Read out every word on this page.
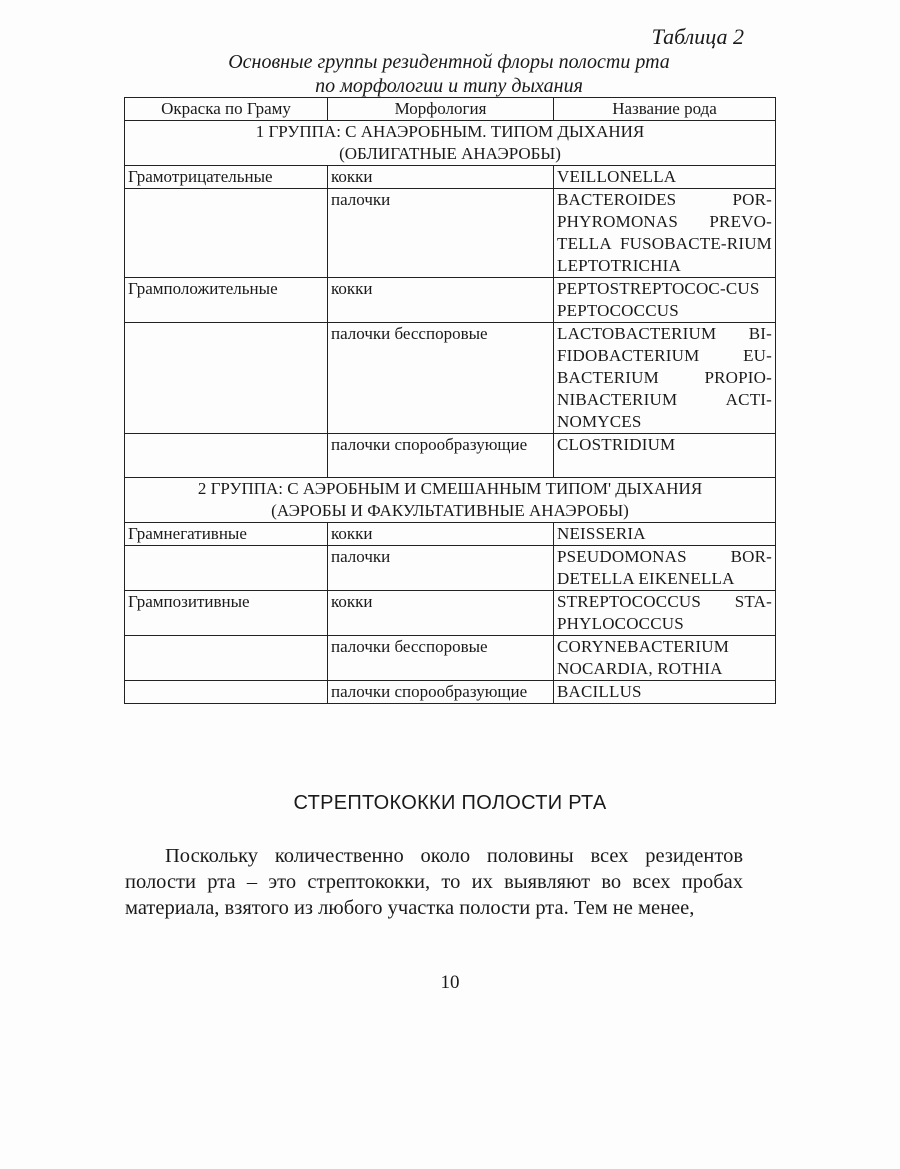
Таблица 2
Основные группы резидентной флоры полости рта
по морфологии и типу дыхания
Окраска по Граму	Морфология	Название рода

1 ГРУППА: С АНАЭРОБНЫМ. ТИПОМ ДЫХАНИЯ
(ОБЛИГАТНЫЕ АНАЭРОБЫ)		

Грамотрицательные	кокки	VEILLONELLA
	палочки	BACTEROIDES POR-PHYROMONAS PREVO-TELLA FUSOBACTE-RIUM LEPTOTRICHIA
Грамположительные	кокки	PEPTOSTREPTOCOC-CUS PEPTOCOCCUS
	палочки бесспоровые	LACTOBACTERIUM BI-FIDOBACTERIUM EU-BACTERIUM PROPIO-NIBACTERIUM ACTI-NOMYCES
	палочки спорообразующие	CLOSTRIDIUM

2 ГРУППА: С АЭРОБНЫМ И СМЕШАННЫМ ТИПОМ' ДЫХАНИЯ
(АЭРОБЫ И ФАКУЛЬТАТИВНЫЕ АНАЭРОБЫ)		

Грамнегативные	кокки	NEISSERIA
	палочки	PSEUDOMONAS BOR-DETELLA EIKENELLA
Грампозитивные	кокки	STREPTOCOCCUS STA-PHYLOCOCCUS
	палочки бесспоровые	CORYNEBACTERIUM NOCARDIA, ROTHIA
	палочки спорообразующие	BACILLUS
СТРЕПТОКОККИ ПОЛОСТИ РТА
Поскольку количественно около половины всех резидентов полости рта – это стрептококки, то их выявляют во всех пробах материала, взятого из любого участка полости рта. Тем не менее,
10
